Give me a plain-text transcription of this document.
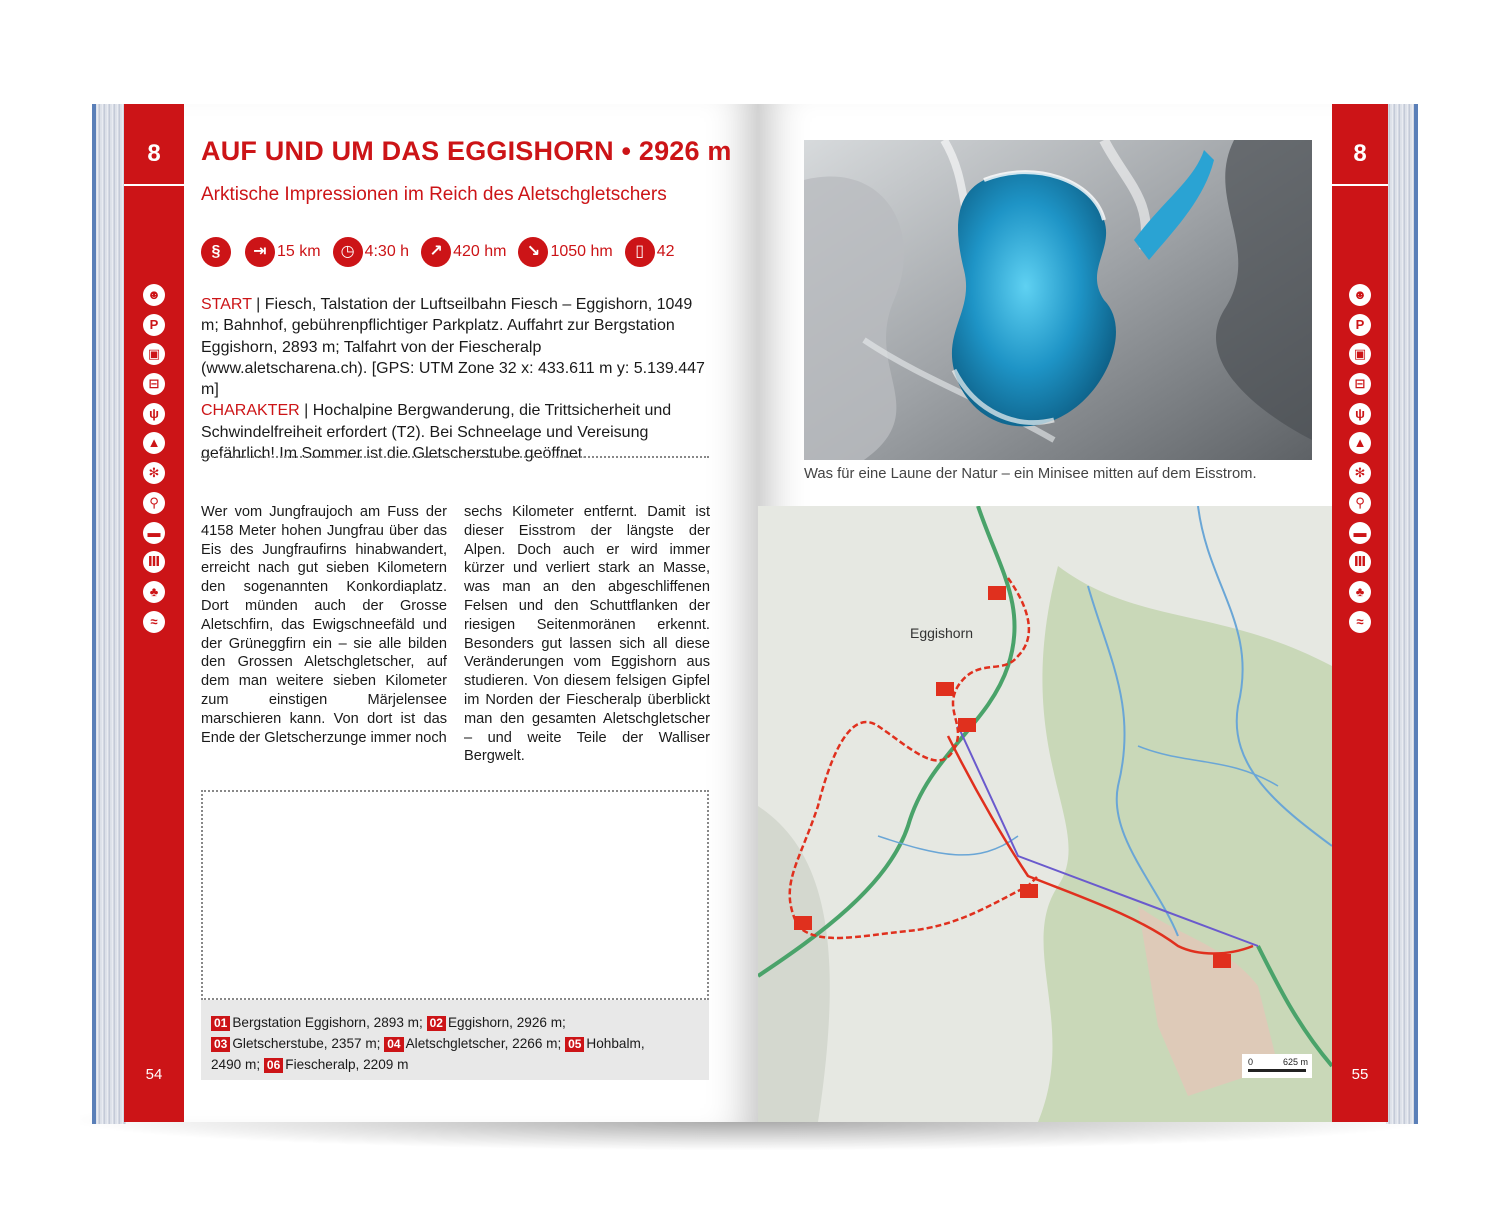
8
☻
P
▣
⊟
ψ
▲
✻
⚲
▬
Ⅲ
♣
≈
54
AUF UND UM DAS EGGISHORN • 2926 m
Arktische Impressionen im Reich des Aletschgletschers
§	⇥ 15 km	◷ 4:30 h	↗ 420 hm	↘ 1050 hm	▯ 42
START | Fiesch, Talstation der Luftseilbahn Fiesch – Eggishorn, 1049 m; Bahnhof, gebührenpflichtiger Parkplatz. Auffahrt zur Bergstation Eggishorn, 2893 m; Talfahrt von der Fiescheralp (www.aletscharena.ch). [GPS: UTM Zone 32 x: 433.611 m y: 5.139.447 m]
CHARAKTER | Hochalpine Bergwanderung, die Trittsicherheit und Schwindelfreiheit erfordert (T2). Bei Schneelage und Vereisung gefährlich! Im Sommer ist die Gletscherstube geöffnet.
Wer vom Jungfraujoch am Fuss der 4158 Meter hohen Jungfrau über das Eis des Jungfraufirns hinabwandert, erreicht nach gut sieben Kilometern den sogenannten Konkordiaplatz. Dort münden auch der Grosse Aletschfirn, das Ewigschneefäld und der Grüneggfirn ein – sie alle bilden den Grossen Aletschgletscher, auf dem man weitere sieben Kilometer zum einstigen Märjelensee marschieren kann. Von dort ist das Ende der Gletscherzunge immer noch
sechs Kilometer entfernt. Damit ist dieser Eisstrom der längste der Alpen. Doch auch er wird immer kürzer und verliert stark an Masse, was man an den abgeschliffenen Felsen und den Schuttflanken der riesigen Seitenmoränen erkennt. Besonders gut lassen sich all diese Veränderungen vom Eggishorn aus studieren. Von diesem felsigen Gipfel im Norden der Fiescheralp überblickt man den gesamten Aletschgletscher – und weite Teile der Walliser Bergwelt.
01 Bergstation Eggishorn, 2893 m; 02 Eggishorn, 2926 m;
03 Gletscherstube, 2357 m; 04 Aletschgletscher, 2266 m; 05 Hohbalm,
2490 m; 06 Fiescheralp, 2209 m
8
☻
P
▣
⊟
ψ
▲
✻
⚲
▬
Ⅲ
♣
≈
55
Was für eine Laune der Natur – ein Minisee mitten auf dem Eisstrom.
Eggishorn
0	625 m
